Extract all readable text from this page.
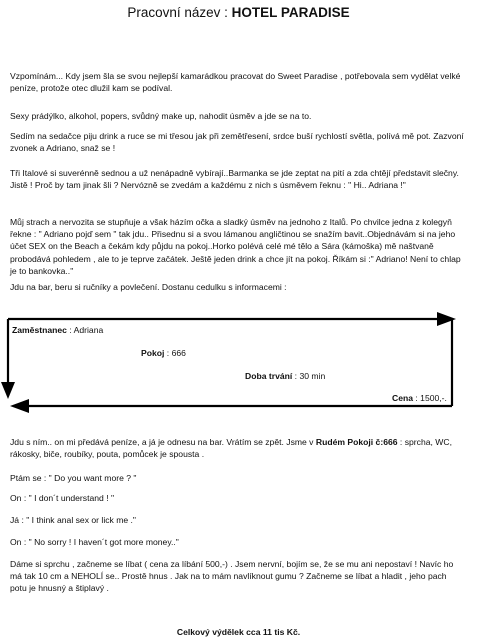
Pracovní název : HOTEL PARADISE

Vzpomínám... Kdy jsem šla se svou nejlepší kamarádkou pracovat do Sweet Paradise , potřebovala sem vydělat velké peníze, protože otec dlužil kam se podíval.

Sexy prádýlko, alkohol, popers, svůdný make up, nahodit úsměv a jde se na to.

Sedím na sedačce piju drink a ruce se mi třesou jak při zemětřesení, srdce buší rychlostí světla, polívá mě pot. Zazvoní zvonek a Adriano, snaž se !

Tři Italové si suverénně sednou a už nenápadně vybírají..Barmanka se jde zeptat na pití a zda chtějí představit slečny. Jistě ! Proč by tam jinak šli ? Nervózně se zvedám a každému z nich s úsměvem řeknu : " Hi.. Adriana !"

Můj strach a nervozita se stupňuje a však házím očka a sladký úsměv na jednoho z Italů. Po chvilce jedna z kolegyň řekne : " Adriano pojď sem " tak jdu.. Přisednu si a svou lámanou angličtinou se snažím bavit..Objednávám si na jeho účet SEX on the Beach a čekám kdy půjdu na pokoj..Horko polévá celé mé tělo a Sára (kámoška) mě naštvaně probodává pohledem , ale to je teprve začátek. Ještě jeden drink a chce jít na pokoj. Říkám si :" Adriano! Není to chlap je to bankovka.."

Jdu na bar, beru si ručníky a povlečení. Dostanu cedulku s informacemi :

Zaměstnanec : Adriana
Pokoj : 666
Doba trvání : 30 min
Cena : 1500,-.

Jdu s ním.. on mi předává peníze, a já je odnesu na bar. Vrátím se zpět. Jsme v Rudém Pokoji č:666 : sprcha, WC, rákosky, biče, roubíky, pouta, pomůcek je spousta .

Ptám se : " Do you want more ? "

On : " I don´t understand ! "

Já : " I think anal sex or lick me ."

On : " No sorry ! I haven´t got more money.."

Dáme si sprchu , začneme se líbat ( cena za líbání 500,-) . Jsem nervní, bojím se, že se mu ani nepostaví ! Navíc ho má tak 10 cm a NEHOLÍ se.. Prostě hnus . Jak na to mám navlíknout gumu ? Začneme se líbat a hladit , jeho pach potu je hnusný a štiplavý .

Celkový výdělek cca 11 tis Kč.
